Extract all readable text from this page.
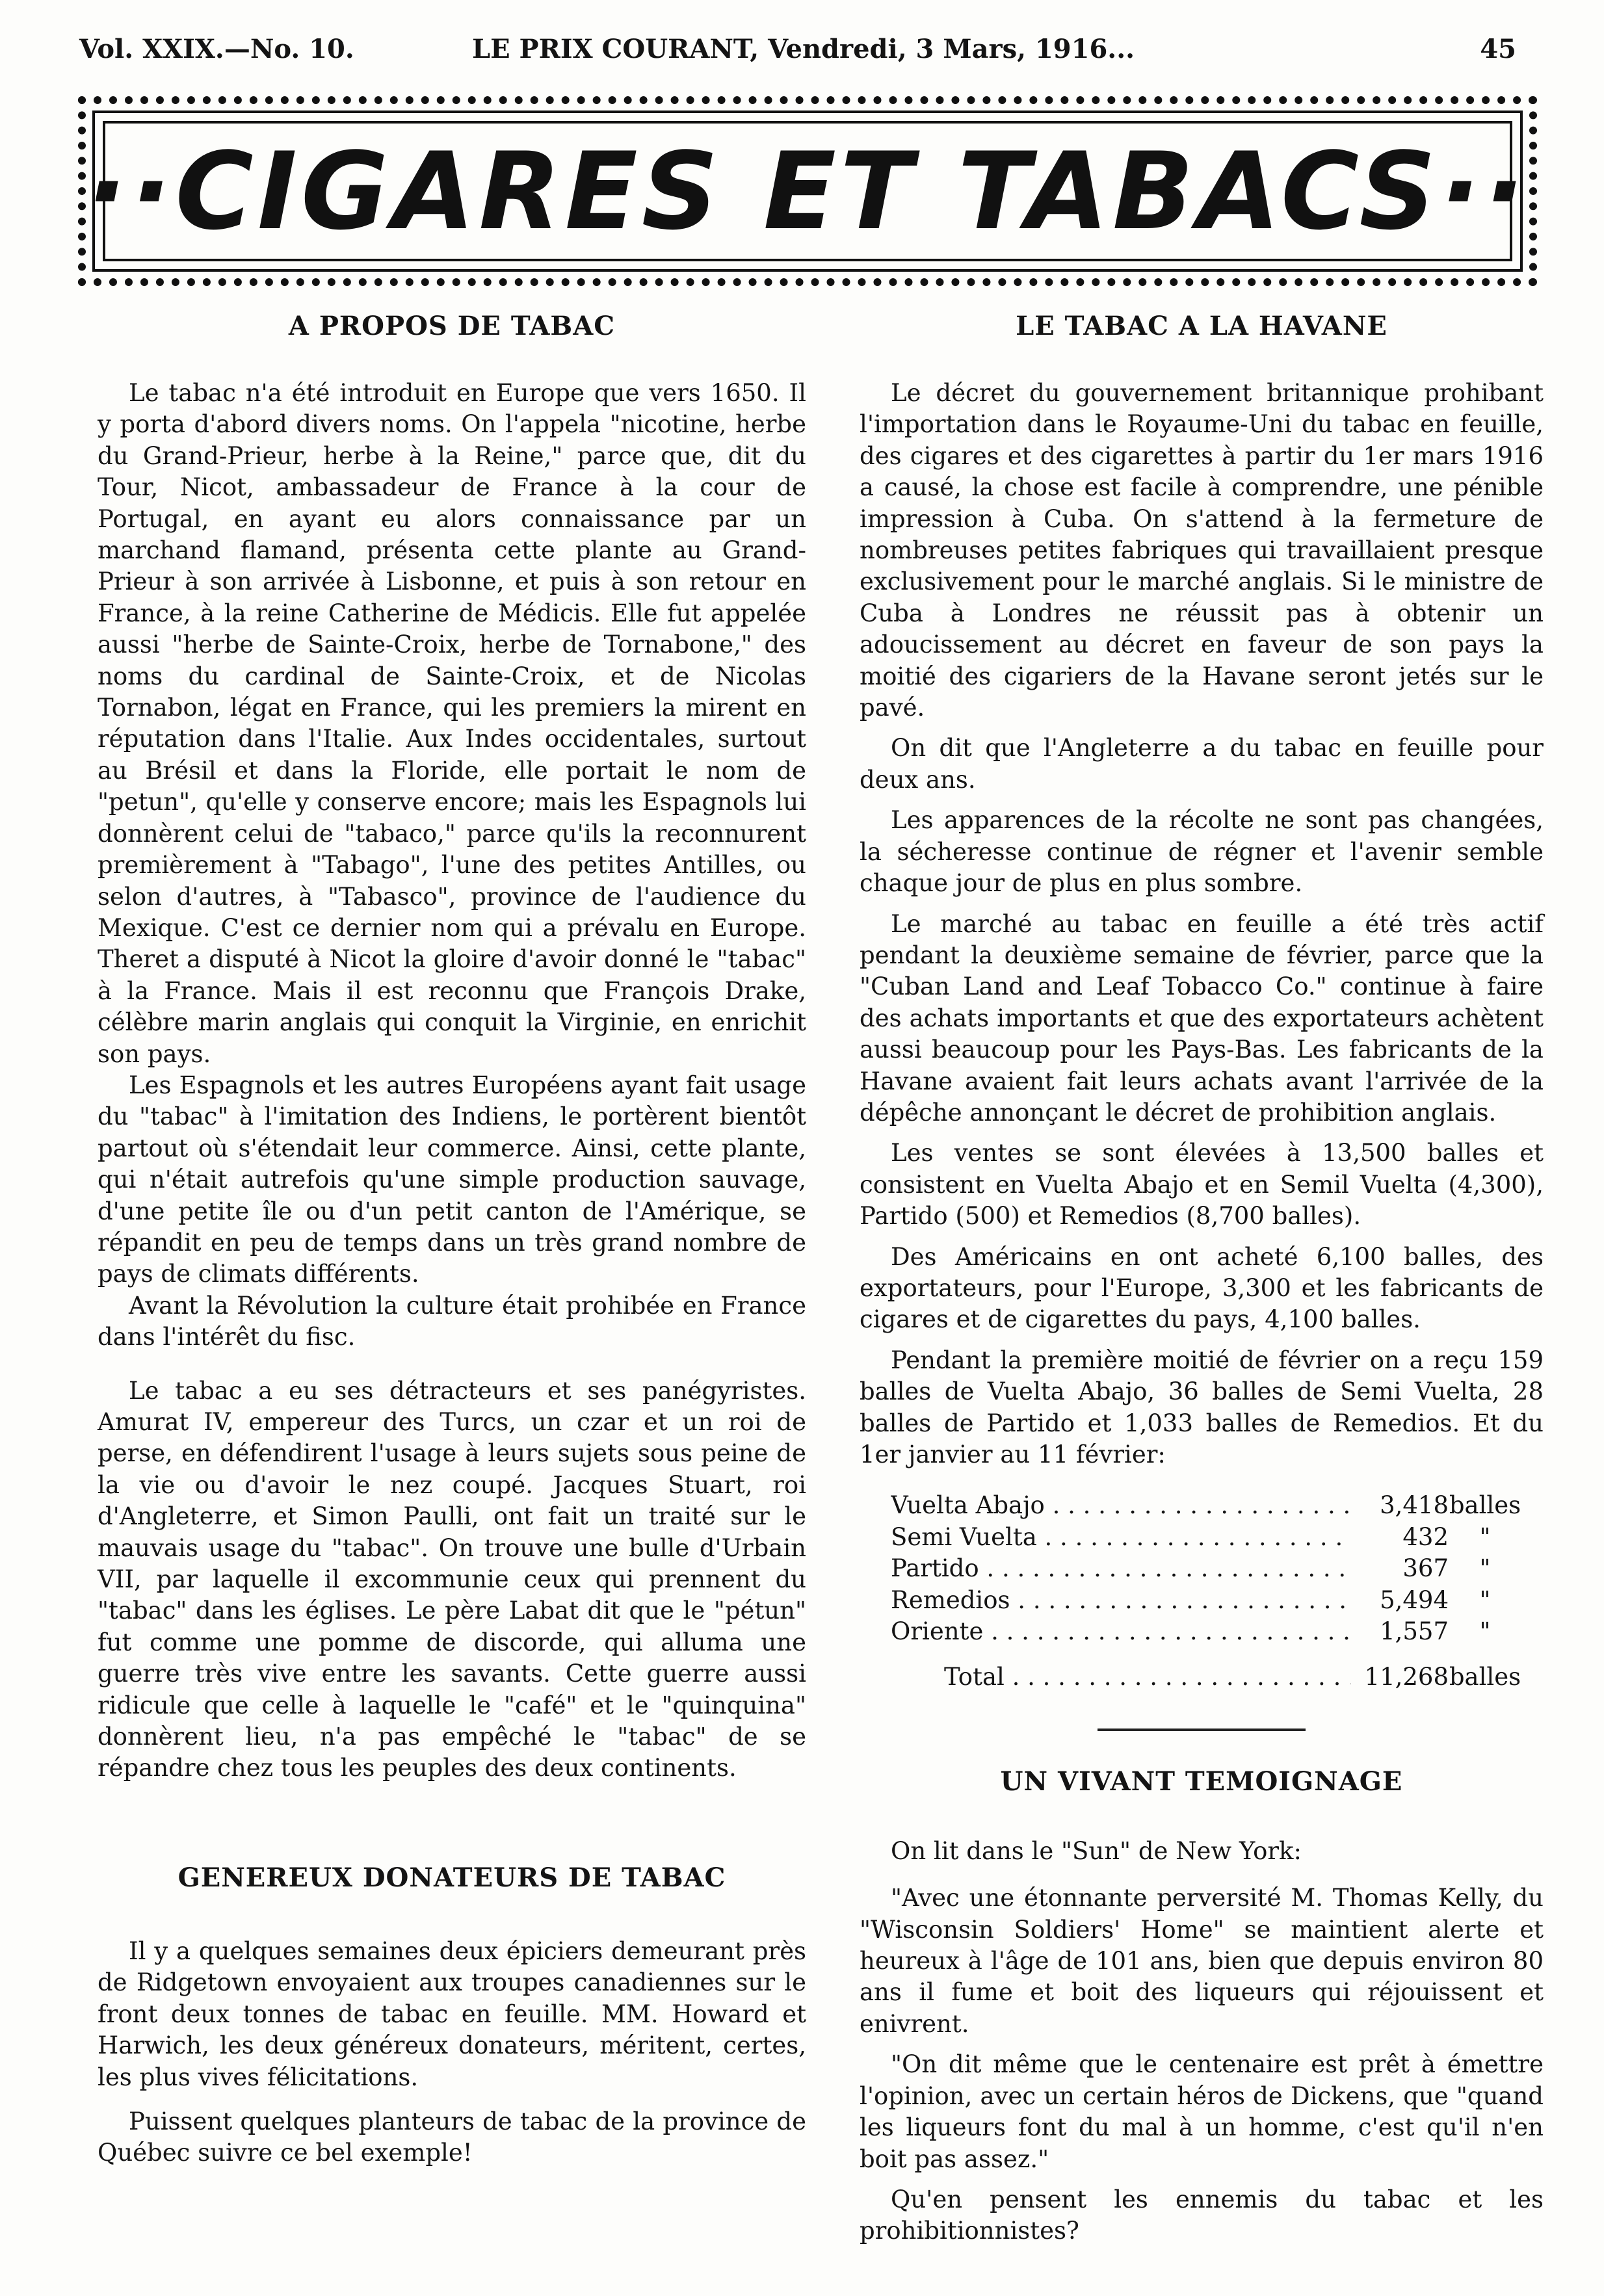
Vol. XXIX.—No. 10.	LE PRIX COURANT, Vendredi, 3 Mars, 1916...	45
··CIGARES ET TABACS··
A PROPOS DE TABAC

Le tabac n'a été introduit en Europe que vers 1650. Il y porta d'abord divers noms. On l'appela "nicotine, herbe du Grand-Prieur, herbe à la Reine," parce que, dit du Tour, Nicot, ambassadeur de France à la cour de Portugal, en ayant eu alors connaissance par un marchand flamand, présenta cette plante au Grand-Prieur à son arrivée à Lisbonne, et puis à son retour en France, à la reine Catherine de Médicis. Elle fut appelée aussi "herbe de Sainte-Croix, herbe de Tornabone," des noms du cardinal de Sainte-Croix, et de Nicolas Tornabon, légat en France, qui les premiers la mirent en réputation dans l'Italie. Aux Indes occidentales, surtout au Brésil et dans la Floride, elle portait le nom de "petun", qu'elle y conserve encore; mais les Espagnols lui donnèrent celui de "tabaco," parce qu'ils la reconnurent premièrement à "Tabago", l'une des petites Antilles, ou selon d'autres, à "Tabasco", province de l'audience du Mexique. C'est ce dernier nom qui a prévalu en Europe. Theret a disputé à Nicot la gloire d'avoir donné le "tabac" à la France. Mais il est reconnu que François Drake, célèbre marin anglais qui conquit la Virginie, en enrichit son pays.

Les Espagnols et les autres Européens ayant fait usage du "tabac" à l'imitation des Indiens, le portèrent bientôt partout où s'étendait leur commerce. Ainsi, cette plante, qui n'était autrefois qu'une simple production sauvage, d'une petite île ou d'un petit canton de l'Amérique, se répandit en peu de temps dans un très grand nombre de pays de climats différents.

Avant la Révolution la culture était prohibée en France dans l'intérêt du fisc.

Le tabac a eu ses détracteurs et ses panégyristes. Amurat IV, empereur des Turcs, un czar et un roi de perse, en défendirent l'usage à leurs sujets sous peine de la vie ou d'avoir le nez coupé. Jacques Stuart, roi d'Angleterre, et Simon Paulli, ont fait un traité sur le mauvais usage du "tabac". On trouve une bulle d'Urbain VII, par laquelle il excommunie ceux qui prennent du "tabac" dans les églises. Le père Labat dit que le "pétun" fut comme une pomme de discorde, qui alluma une guerre très vive entre les savants. Cette guerre aussi ridicule que celle à laquelle le "café" et le "quinquina" donnèrent lieu, n'a pas empêché le "tabac" de se répandre chez tous les peuples des deux continents.

GENEREUX DONATEURS DE TABAC

Il y a quelques semaines deux épiciers demeurant près de Ridgetown envoyaient aux troupes canadiennes sur le front deux tonnes de tabac en feuille. MM. Howard et Harwich, les deux généreux donateurs, méritent, certes, les plus vives félicitations.

Puissent quelques planteurs de tabac de la province de Québec suivre ce bel exemple!

LE TABAC A LA HAVANE

Le décret du gouvernement britannique prohibant l'importation dans le Royaume-Uni du tabac en feuille, des cigares et des cigarettes à partir du 1er mars 1916 a causé, la chose est facile à comprendre, une pénible impression à Cuba. On s'attend à la fermeture de nombreuses petites fabriques qui travaillaient presque exclusivement pour le marché anglais. Si le ministre de Cuba à Londres ne réussit pas à obtenir un adoucissement au décret en faveur de son pays la moitié des cigariers de la Havane seront jetés sur le pavé.

On dit que l'Angleterre a du tabac en feuille pour deux ans.

Les apparences de la récolte ne sont pas changées, la sécheresse continue de régner et l'avenir semble chaque jour de plus en plus sombre.

Le marché au tabac en feuille a été très actif pendant la deuxième semaine de février, parce que la "Cuban Land and Leaf Tobacco Co." continue à faire des achats importants et que des exportateurs achètent aussi beaucoup pour les Pays-Bas. Les fabricants de la Havane avaient fait leurs achats avant l'arrivée de la dépêche annonçant le décret de prohibition anglais.

Les ventes se sont élevées à 13,500 balles et consistent en Vuelta Abajo et en Semil Vuelta (4,300), Partido (500) et Remedios (8,700 balles).

Des Américains en ont acheté 6,100 balles, des exportateurs, pour l'Europe, 3,300 et les fabricants de cigares et de cigarettes du pays, 4,100 balles.

Pendant la première moitié de février on a reçu 159 balles de Vuelta Abajo, 36 balles de Semi Vuelta, 28 balles de Partido et 1,033 balles de Remedios. Et du 1er janvier au 11 février:

Vuelta Abajo . . .	3,418 balles
Semi Vuelta . . .	432	"
Partido . . .	367	"
Remedios . . .	5,494	"
Oriente . . .	1,557	"
Total . . .	11,268 balles
UN VIVANT TEMOIGNAGE

On lit dans le "Sun" de New York:

"Avec une étonnante perversité M. Thomas Kelly, du "Wisconsin Soldiers' Home" se maintient alerte et heureux à l'âge de 101 ans, bien que depuis environ 80 ans il fume et boit des liqueurs qui réjouissent et enivrent.

"On dit même que le centenaire est prêt à émettre l'opinion, avec un certain héros de Dickens, que "quand les liqueurs font du mal à un homme, c'est qu'il n'en boit pas assez."

Qu'en pensent les ennemis du tabac et les prohibitionnistes?
